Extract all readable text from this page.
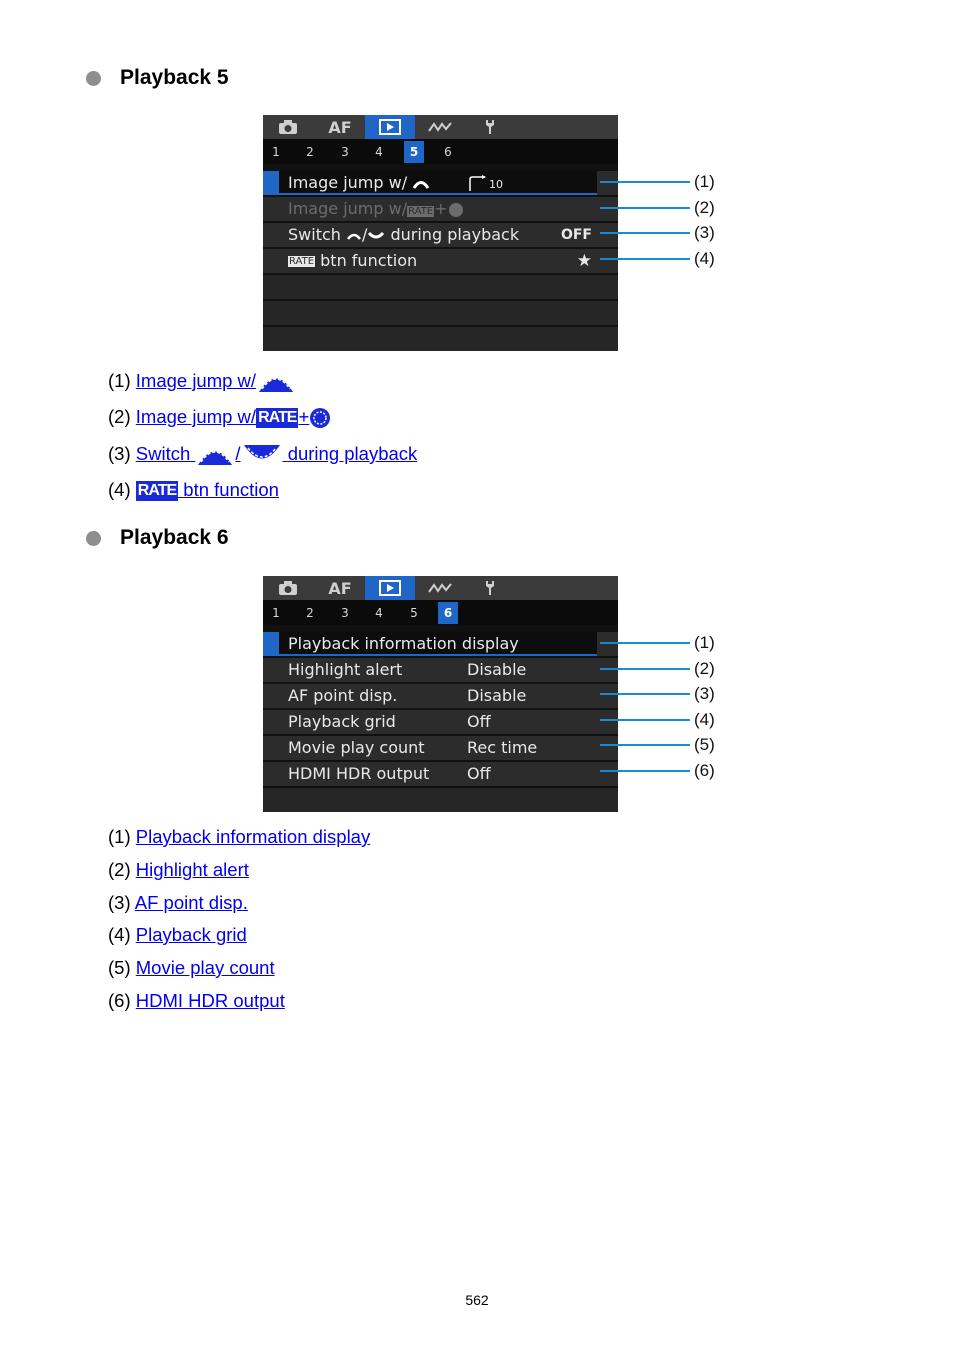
Playback 5
AF
1	2	3	4	5	6
Image jump w/	10
Image jump w/RATE+
Switch / during playback	OFF
RATE btn function	★
(1)
(2)
(3)
(4)
(1) Image jump w/
(2) Image jump w/ RATE +
(3) Switch /	during playback
(4) RATE btn function
Playback 6
AF
1	2	3	4	5	6
Playback information display
Highlight alert	Disable
AF point disp.	Disable
Playback grid	Off
Movie play count	Rec time
HDMI HDR output Off
(1)
(2)
(3)
(4)
(5)
(6)
(1) Playback information display
(2) Highlight alert
(3) AF point disp.
(4) Playback grid
(5) Movie play count
(6) HDMI HDR output
562
